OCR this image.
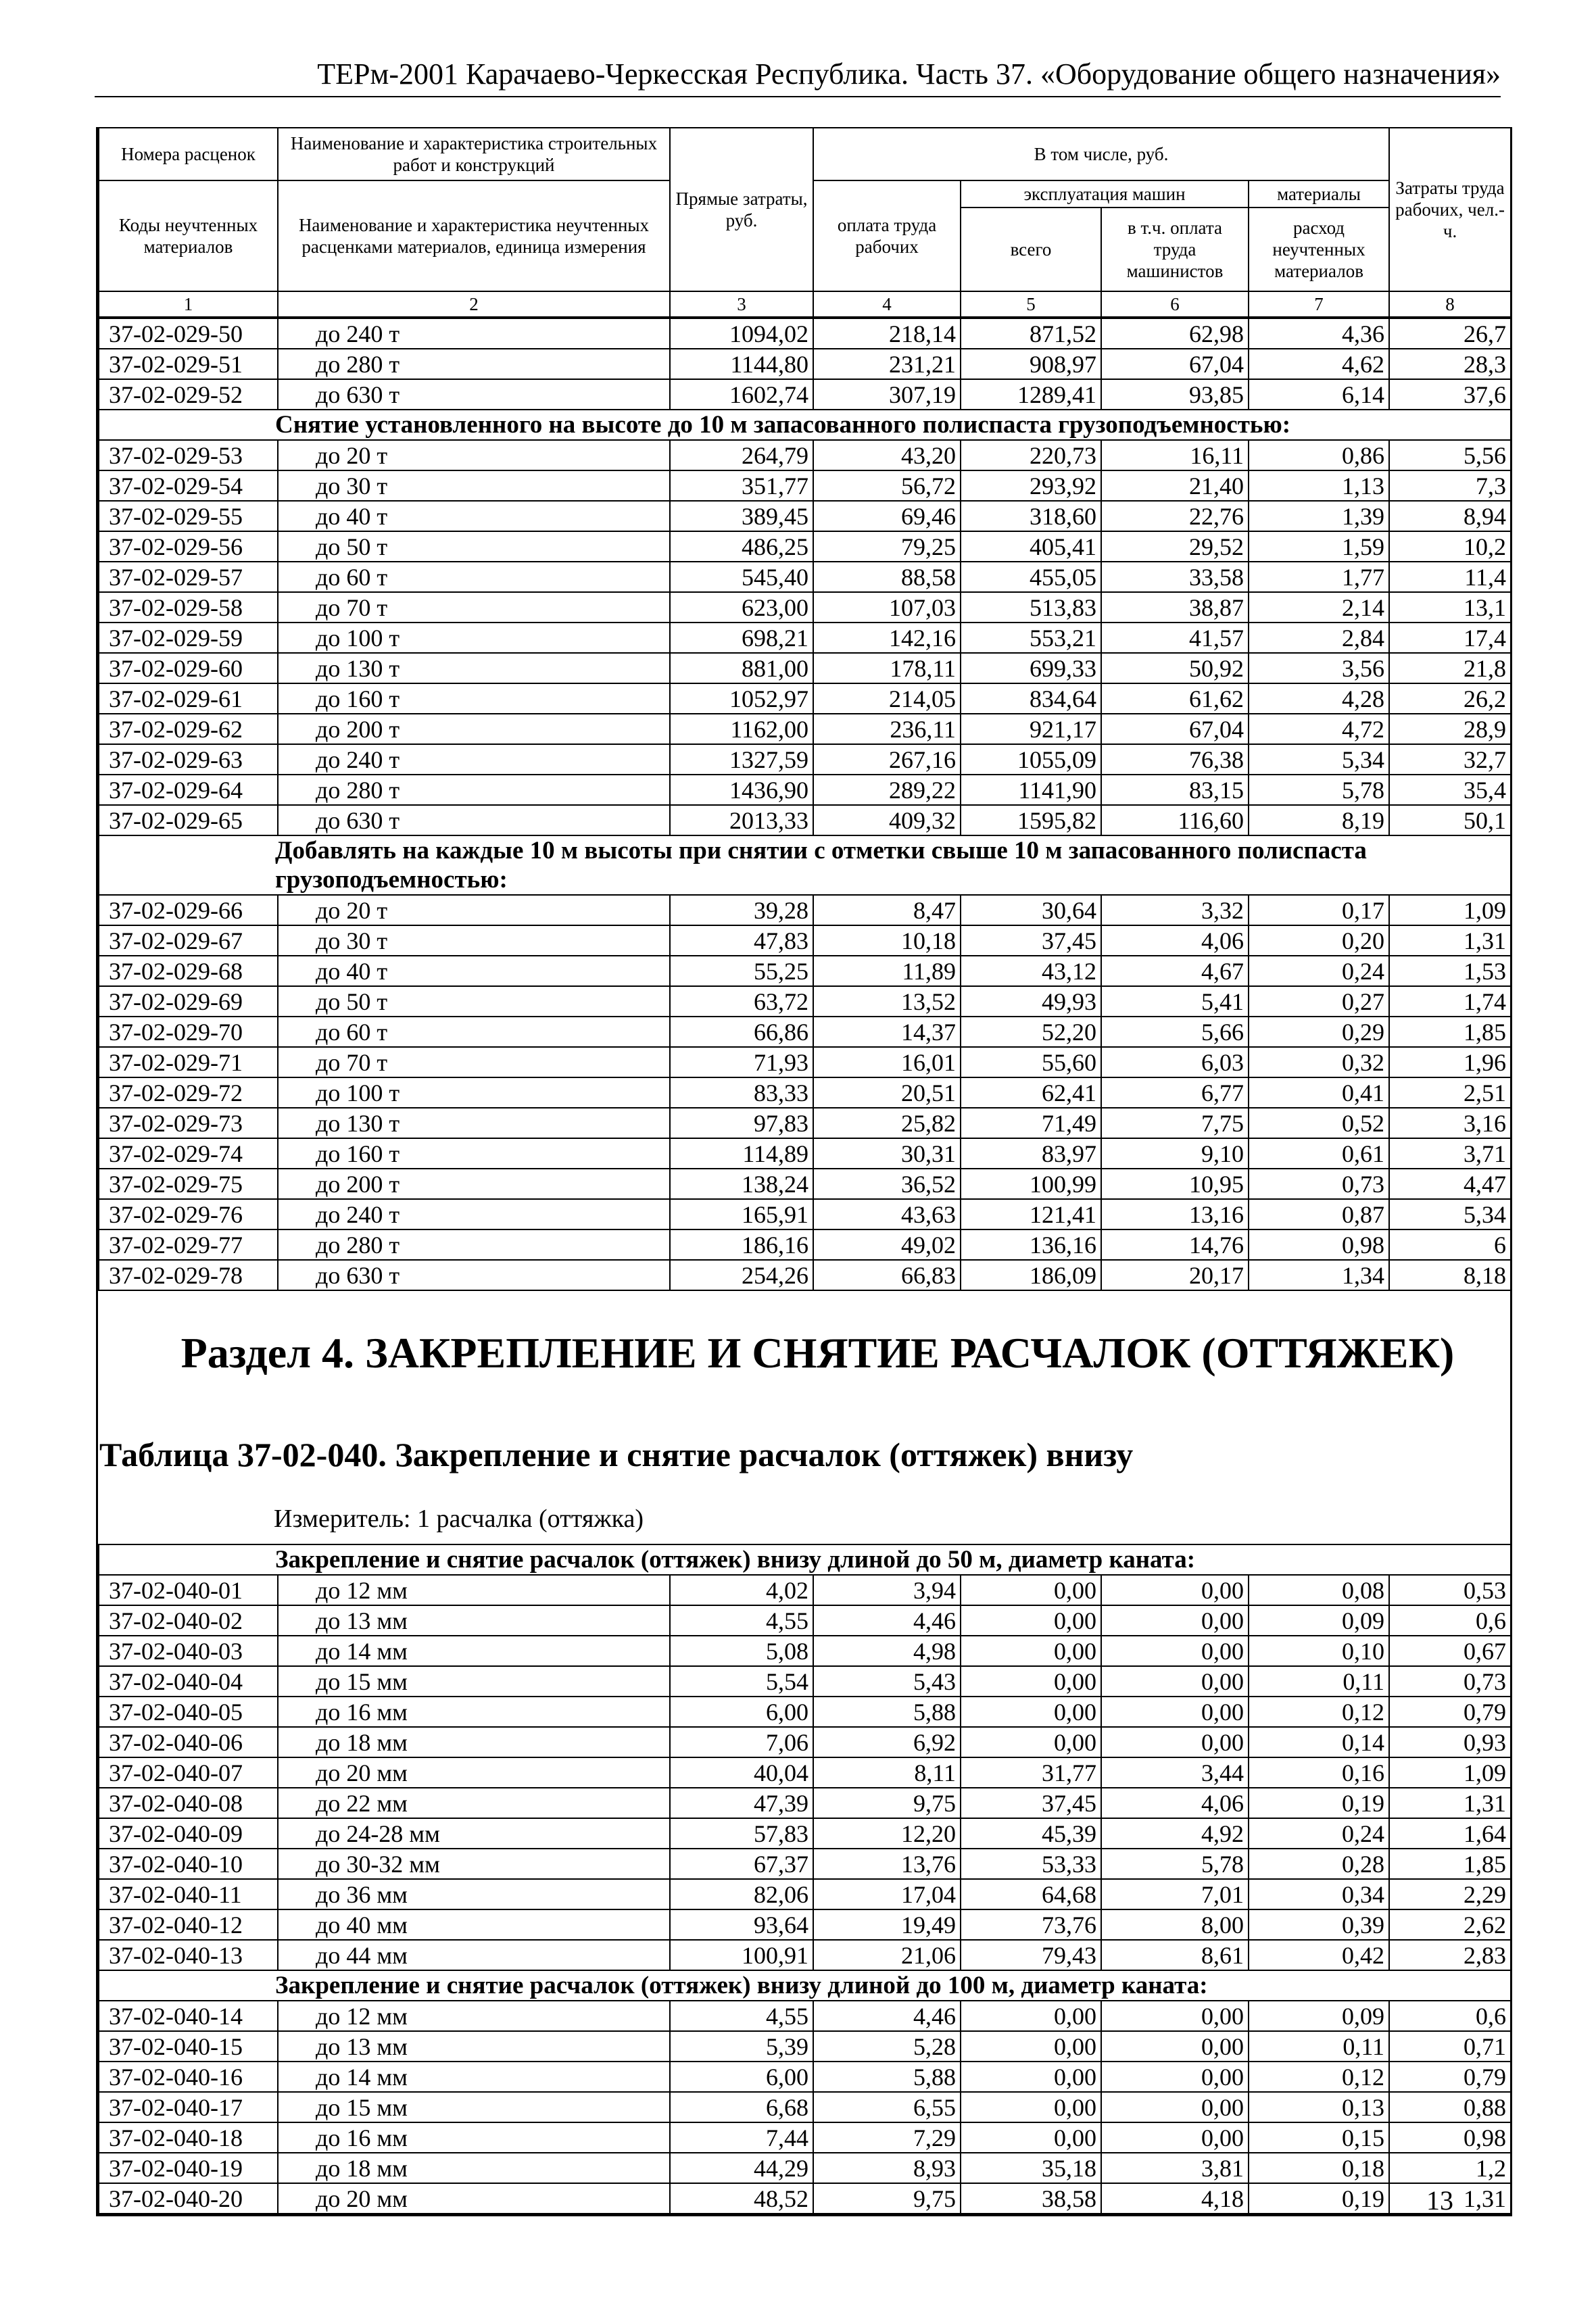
ТЕРм-2001 Карачаево-Черкесская Республика. Часть 37. «Оборудование общего назначения»
Номера расценок	Наименование и характеристика строительных работ и конструкций	Прямые затраты, руб.	В том числе, руб.				Затраты труда рабочих, чел.-ч.
Коды неучтенных материалов	Наименование и характеристика неучтенных расценками материалов, единица измерения		оплата труда рабочих	эксплуатация машин		материалы	
				всего	в т.ч. оплата труда машинистов	расход неучтенных материалов	
1	2	3	4	5	6	7	8
37-02-029-50	до 240 т	1094,02	218,14	871,52	62,98	4,36	26,7
37-02-029-51	до 280 т	1144,80	231,21	908,97	67,04	4,62	28,3
37-02-029-52	до 630 т	1602,74	307,19	1289,41	93,85	6,14	37,6
Снятие установленного на высоте до 10 м запасованного полиспаста грузоподъемностью:							
37-02-029-53	до 20 т	264,79	43,20	220,73	16,11	0,86	5,56
37-02-029-54	до 30 т	351,77	56,72	293,92	21,40	1,13	7,3
37-02-029-55	до 40 т	389,45	69,46	318,60	22,76	1,39	8,94
37-02-029-56	до 50 т	486,25	79,25	405,41	29,52	1,59	10,2
37-02-029-57	до 60 т	545,40	88,58	455,05	33,58	1,77	11,4
37-02-029-58	до 70 т	623,00	107,03	513,83	38,87	2,14	13,1
37-02-029-59	до 100 т	698,21	142,16	553,21	41,57	2,84	17,4
37-02-029-60	до 130 т	881,00	178,11	699,33	50,92	3,56	21,8
37-02-029-61	до 160 т	1052,97	214,05	834,64	61,62	4,28	26,2
37-02-029-62	до 200 т	1162,00	236,11	921,17	67,04	4,72	28,9
37-02-029-63	до 240 т	1327,59	267,16	1055,09	76,38	5,34	32,7
37-02-029-64	до 280 т	1436,90	289,22	1141,90	83,15	5,78	35,4
37-02-029-65	до 630 т	2013,33	409,32	1595,82	116,60	8,19	50,1
Добавлять на каждые 10 м высоты при снятии с отметки свыше 10 м запасованного полиспаста грузоподъемностью:							
37-02-029-66	до 20 т	39,28	8,47	30,64	3,32	0,17	1,09
37-02-029-67	до 30 т	47,83	10,18	37,45	4,06	0,20	1,31
37-02-029-68	до 40 т	55,25	11,89	43,12	4,67	0,24	1,53
37-02-029-69	до 50 т	63,72	13,52	49,93	5,41	0,27	1,74
37-02-029-70	до 60 т	66,86	14,37	52,20	5,66	0,29	1,85
37-02-029-71	до 70 т	71,93	16,01	55,60	6,03	0,32	1,96
37-02-029-72	до 100 т	83,33	20,51	62,41	6,77	0,41	2,51
37-02-029-73	до 130 т	97,83	25,82	71,49	7,75	0,52	3,16
37-02-029-74	до 160 т	114,89	30,31	83,97	9,10	0,61	3,71
37-02-029-75	до 200 т	138,24	36,52	100,99	10,95	0,73	4,47
37-02-029-76	до 240 т	165,91	43,63	121,41	13,16	0,87	5,34
37-02-029-77	до 280 т	186,16	49,02	136,16	14,76	0,98	6
37-02-029-78	до 630 т	254,26	66,83	186,09	20,17	1,34	8,18
Раздел 4. ЗАКРЕПЛЕНИЕ И СНЯТИЕ РАСЧАЛОК (ОТТЯЖЕК)
Таблица 37-02-040. Закрепление и снятие расчалок (оттяжек) внизу
Измеритель: 1 расчалка (оттяжка)
Закрепление и снятие расчалок (оттяжек) внизу длиной до 50 м, диаметр каната:							
37-02-040-01	до 12 мм	4,02	3,94	0,00	0,00	0,08	0,53
37-02-040-02	до 13 мм	4,55	4,46	0,00	0,00	0,09	0,6
37-02-040-03	до 14 мм	5,08	4,98	0,00	0,00	0,10	0,67
37-02-040-04	до 15 мм	5,54	5,43	0,00	0,00	0,11	0,73
37-02-040-05	до 16 мм	6,00	5,88	0,00	0,00	0,12	0,79
37-02-040-06	до 18 мм	7,06	6,92	0,00	0,00	0,14	0,93
37-02-040-07	до 20 мм	40,04	8,11	31,77	3,44	0,16	1,09
37-02-040-08	до 22 мм	47,39	9,75	37,45	4,06	0,19	1,31
37-02-040-09	до 24-28 мм	57,83	12,20	45,39	4,92	0,24	1,64
37-02-040-10	до 30-32 мм	67,37	13,76	53,33	5,78	0,28	1,85
37-02-040-11	до 36 мм	82,06	17,04	64,68	7,01	0,34	2,29
37-02-040-12	до 40 мм	93,64	19,49	73,76	8,00	0,39	2,62
37-02-040-13	до 44 мм	100,91	21,06	79,43	8,61	0,42	2,83
Закрепление и снятие расчалок (оттяжек) внизу длиной до 100 м, диаметр каната:							
37-02-040-14	до 12 мм	4,55	4,46	0,00	0,00	0,09	0,6
37-02-040-15	до 13 мм	5,39	5,28	0,00	0,00	0,11	0,71
37-02-040-16	до 14 мм	6,00	5,88	0,00	0,00	0,12	0,79
37-02-040-17	до 15 мм	6,68	6,55	0,00	0,00	0,13	0,88
37-02-040-18	до 16 мм	7,44	7,29	0,00	0,00	0,15	0,98
37-02-040-19	до 18 мм	44,29	8,93	35,18	3,81	0,18	1,2
37-02-040-20	до 20 мм	48,52	9,75	38,58	4,18	0,19	1,31
13
